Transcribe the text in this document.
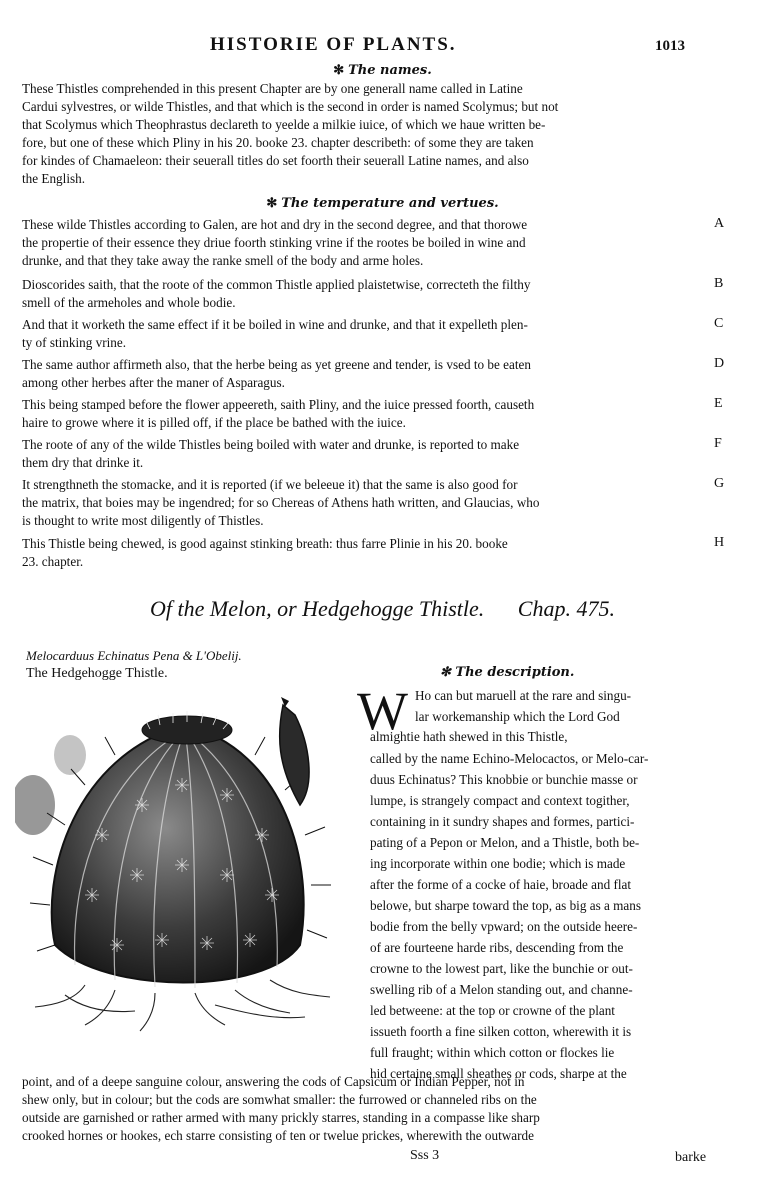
HISTORIE OF PLANTS.	1013
✻ The names.
These Thistles comprehended in this present Chapter are by one generall name called in Latine
Cardui sylvestres, or wilde Thistles, and that which is the second in order is named Scolymus; but not
that Scolymus which Theophrastus declareth to yeelde a milkie iuice, of which we haue written be-
fore, but one of these which Pliny in his 20. booke 23. chapter describeth: of some they are taken
for kindes of Chamaeleon: their seuerall titles do set foorth their seuerall Latine names, and also
the English.
✻ The temperature and vertues.
These wilde Thistles according to Galen, are hot and dry in the second degree, and that thorowe
the propertie of their essence they driue foorth stinking vrine if the rootes be boiled in wine and
drunke, and that they take away the ranke smell of the body and arme holes.
A
Dioscorides saith, that the roote of the common Thistle applied plaistetwise, correcteth the filthy
smell of the armeholes and whole bodie.
B
And that it worketh the same effect if it be boiled in wine and drunke, and that it expelleth plen-
ty of stinking vrine.
C
The same author affirmeth also, that the herbe being as yet greene and tender, is vsed to be eaten
among other herbes after the maner of Asparagus.
D
This being stamped before the flower appeereth, saith Pliny, and the iuice pressed foorth, causeth
haire to growe where it is pilled off, if the place be bathed with the iuice.
E
The roote of any of the wilde Thistles being boiled with water and drunke, is reported to make
them dry that drinke it.
F
It strengthneth the stomacke, and it is reported (if we beleeue it) that the same is also good for
the matrix, that boies may be ingendred; for so Chereas of Athens hath written, and Glaucias, who
is thought to write most diligently of Thistles.
G
This Thistle being chewed, is good against stinking breath: thus farre Plinie in his 20. booke
23. chapter.
H
Of the Melon, or Hedgehogge Thistle. Chap. 475.
Melocarduus Echinatus Pena & L'Obelij.
The Hedgehogge Thistle.	✻ The description.
W Ho can but maruell at the rare and singu-
lar workemanship which the Lord God
almightie hath shewed in this Thistle,
called by the name Echino-Melocactos, or Melo-car-
duus Echinatus? This knobbie or bunchie masse or
lumpe, is strangely compact and context togither,
containing in it sundry shapes and formes, partici-
pating of a Pepon or Melon, and a Thistle, both be-
ing incorporate within one bodie; which is made
after the forme of a cocke of haie, broade and flat
belowe, but sharpe toward the top, as big as a mans
bodie from the belly vpward; on the outside heere-
of are fourteene harde ribs, descending from the
crowne to the lowest part, like the bunchie or out-
swelling rib of a Melon standing out, and channe-
led betweene: at the top or crowne of the plant
issueth foorth a fine silken cotton, wherewith it is
full fraught; within which cotton or flockes lie
hid certaine small sheathes or cods, sharpe at the
point, and of a deepe sanguine colour, answering the cods of Capsicum or Indian Pepper, not in
shew only, but in colour; but the cods are somwhat smaller: the furrowed or channeled ribs on the
outside are garnished or rather armed with many prickly starres, standing in a compasse like sharp
crooked hornes or hookes, ech starre consisting of ten or twelue prickes, wherewith the outwarde
Sss 3	barke
